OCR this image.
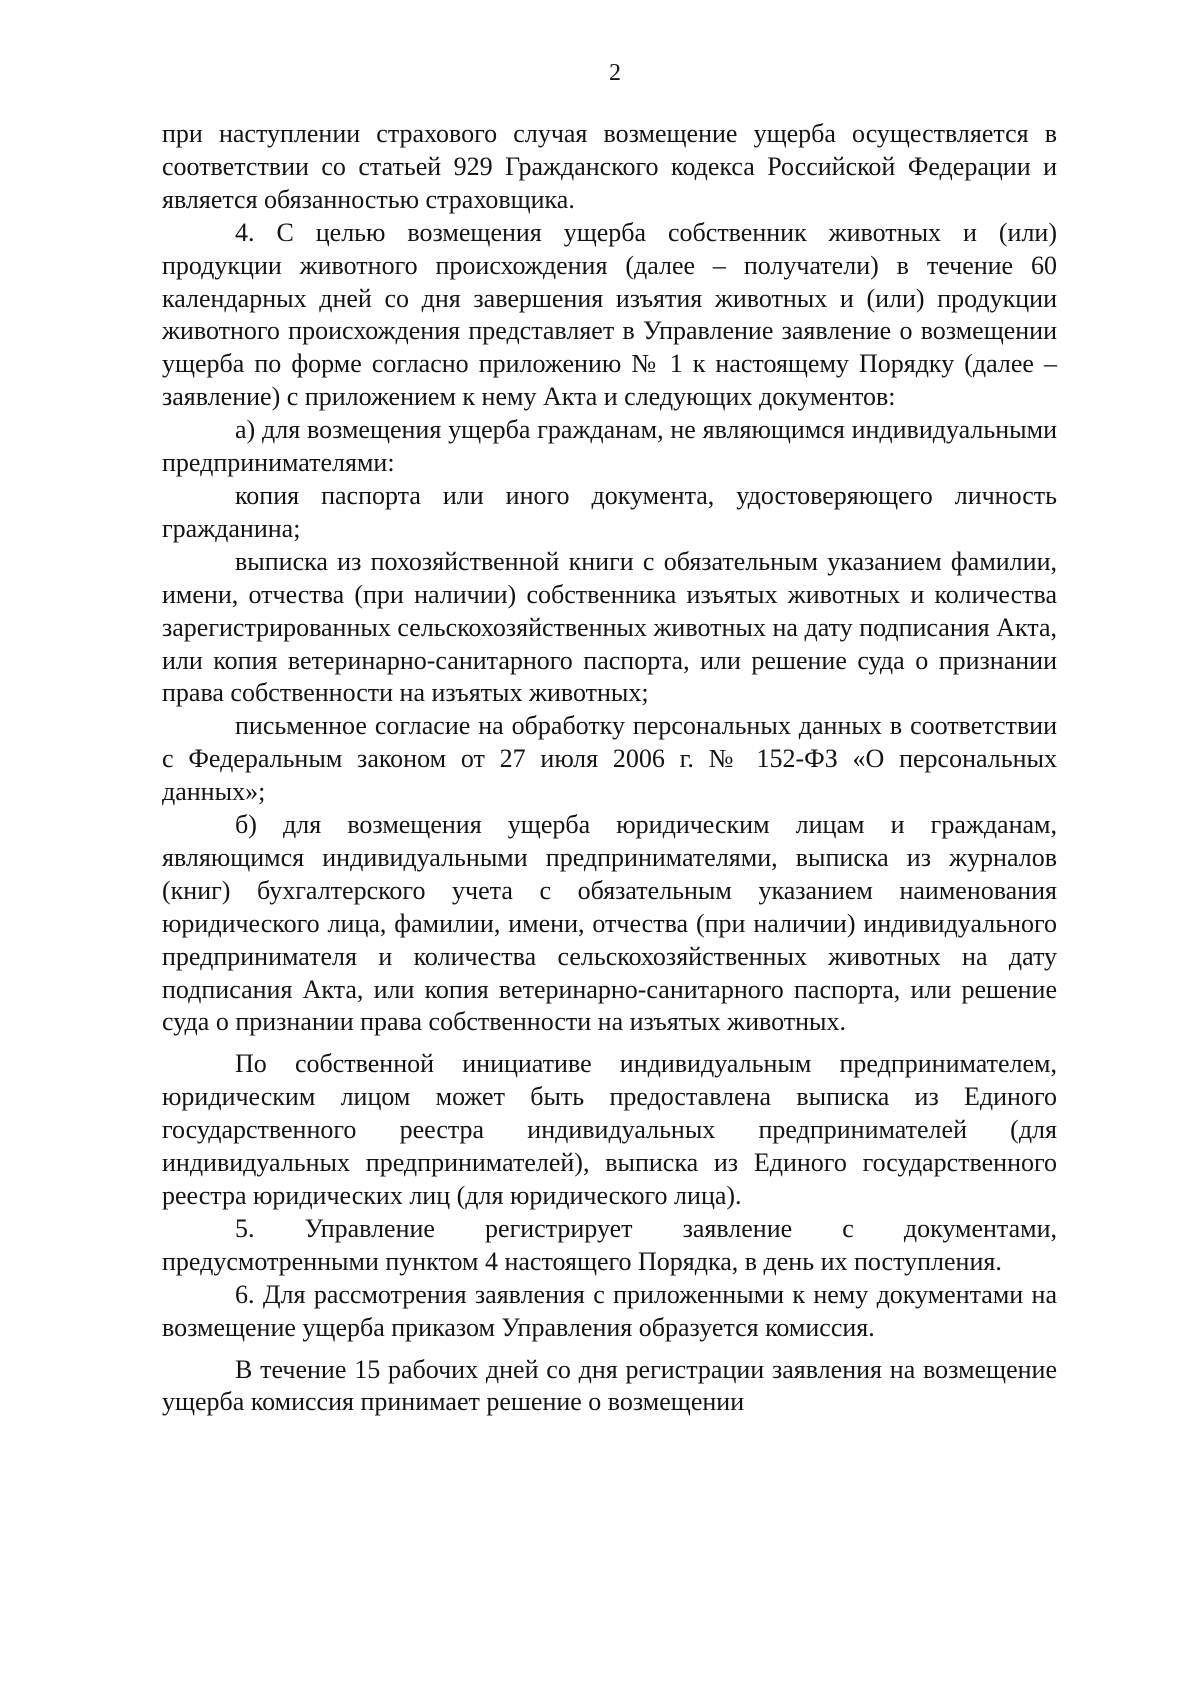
2

при наступлении страхового случая возмещение ущерба осуществляется в соответствии со статьей 929 Гражданского кодекса Российской Федерации и является обязанностью страховщика.

4. С целью возмещения ущерба собственник животных и (или) продукции животного происхождения (далее – получатели) в течение 60 календарных дней со дня завершения изъятия животных и (или) продукции животного происхождения представляет в Управление заявление о возмещении ущерба по форме согласно приложению № 1 к настоящему Порядку (далее – заявление) с приложением к нему Акта и следующих документов:

а) для возмещения ущерба гражданам, не являющимся индивидуальными предпринимателями:

копия паспорта или иного документа, удостоверяющего личность гражданина;

выписка из похозяйственной книги с обязательным указанием фамилии, имени, отчества (при наличии) собственника изъятых животных и количества зарегистрированных сельскохозяйственных животных на дату подписания Акта, или копия ветеринарно-санитарного паспорта, или решение суда о признании права собственности на изъятых животных;

письменное согласие на обработку персональных данных в соответствии с Федеральным законом от 27 июля 2006 г. № 152-ФЗ «О персональных данных»;

б) для возмещения ущерба юридическим лицам и гражданам, являющимся индивидуальными предпринимателями, выписка из журналов (книг) бухгалтерского учета с обязательным указанием наименования юридического лица, фамилии, имени, отчества (при наличии) индивидуального предпринимателя и количества сельскохозяйственных животных на дату подписания Акта, или копия ветеринарно-санитарного паспорта, или решение суда о признании права собственности на изъятых животных.

По собственной инициативе индивидуальным предпринимателем, юридическим лицом может быть предоставлена выписка из Единого государственного реестра индивидуальных предпринимателей (для индивидуальных предпринимателей), выписка из Единого государственного реестра юридических лиц (для юридического лица).

5. Управление регистрирует заявление с документами, предусмотренными пунктом 4 настоящего Порядка, в день их поступления.

6. Для рассмотрения заявления с приложенными к нему документами на возмещение ущерба приказом Управления образуется комиссия.

В течение 15 рабочих дней со дня регистрации заявления на возмещение ущерба комиссия принимает решение о возмещении
